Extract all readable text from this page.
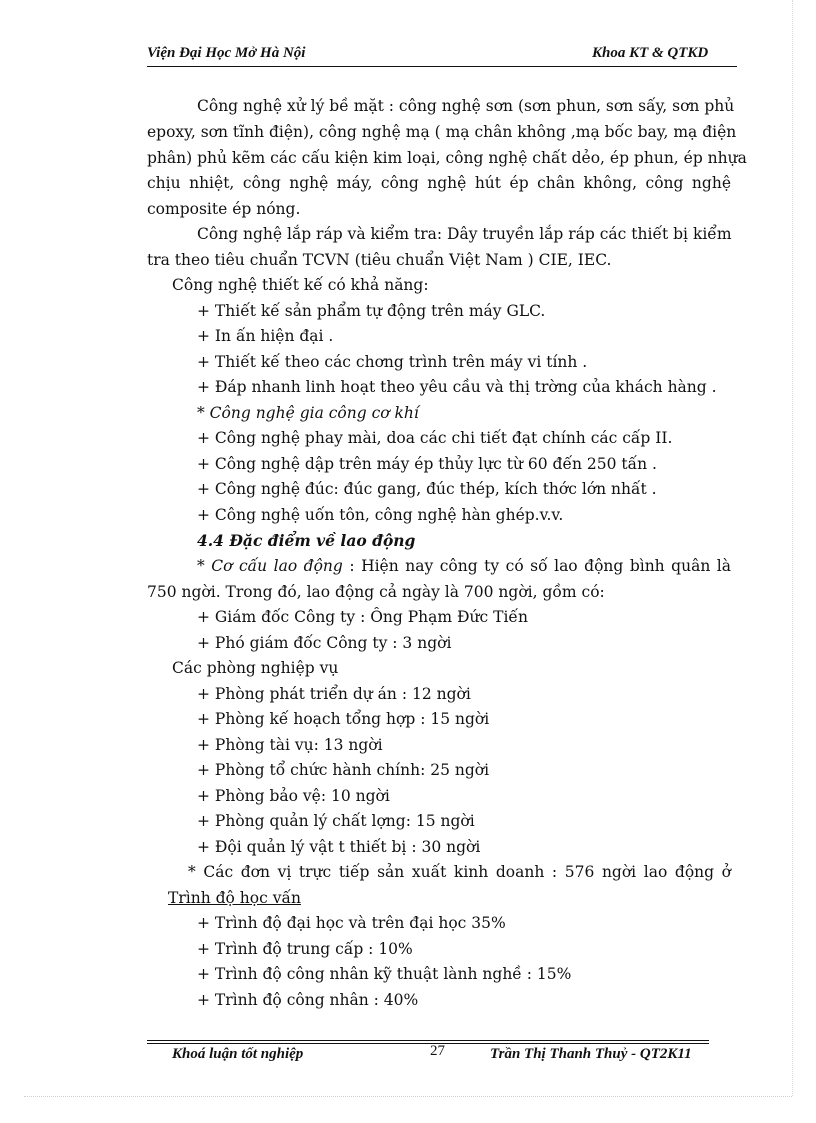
Viện Đại Học Mở Hà Nội	Khoa KT & QTKD
Công nghệ xử lý bề mặt : công nghệ sơn (sơn phun, sơn sấy, sơn phủ
epoxy, sơn tĩnh điện), công nghệ mạ ( mạ chân không ,mạ bốc bay, mạ điện
phân) phủ kẽm các cấu kiện kim loại, công nghệ chất dẻo, ép phun, ép nhựa
chịu nhiệt, công nghệ máy, công nghệ hút ép chân không, công nghệ
composite ép nóng.
Công nghệ lắp ráp và kiểm tra: Dây truyền lắp ráp các thiết bị kiểm
tra theo tiêu chuẩn TCVN (tiêu chuẩn Việt Nam ) CIE, IEC.
Công nghệ thiết kế có khả năng:
+ Thiết kế sản phẩm tự động trên máy GLC.
+ In ấn hiện đại .
+ Thiết kế theo các chơng trình trên máy vi tính .
+ Đáp nhanh linh hoạt theo yêu cầu và thị trờng của khách hàng .
* Công nghệ gia công cơ khí
+ Công nghệ phay mài, doa các chi tiết đạt chính các cấp II.
+ Công nghệ dập trên máy ép thủy lực từ 60 đến 250 tấn .
+ Công nghệ đúc: đúc gang, đúc thép, kích thớc lớn nhất .
+ Công nghệ uốn tôn, công nghệ hàn ghép.v.v.
4.4 Đặc điểm về lao động
* Cơ cấu lao động : Hiện nay công ty có số lao động bình quân là
750 ngời. Trong đó, lao động cả ngày là 700 ngời, gồm có:
+ Giám đốc Công ty : Ông Phạm Đức Tiến
+ Phó giám đốc Công ty : 3 ngời
Các phòng nghiệp vụ
+ Phòng phát triển dự án : 12 ngời
+ Phòng kế hoạch tổng hợp : 15 ngời
+ Phòng tài vụ: 13 ngời
+ Phòng tổ chức hành chính: 25 ngời
+ Phòng bảo vệ: 10 ngời
+ Phòng quản lý chất lợng: 15 ngời
+ Đội quản lý vật t thiết bị : 30 ngời
* Các đơn vị trực tiếp sản xuất kinh doanh : 576 ngời lao động ở
Trình độ học vấn
+ Trình độ đại học và trên đại học 35%
+ Trình độ trung cấp : 10%
+ Trình độ công nhân kỹ thuật lành nghề : 15%
+ Trình độ công nhân : 40%
Khoá luận tốt nghiệp	27	Trần Thị Thanh Thuỷ - QT2K11
